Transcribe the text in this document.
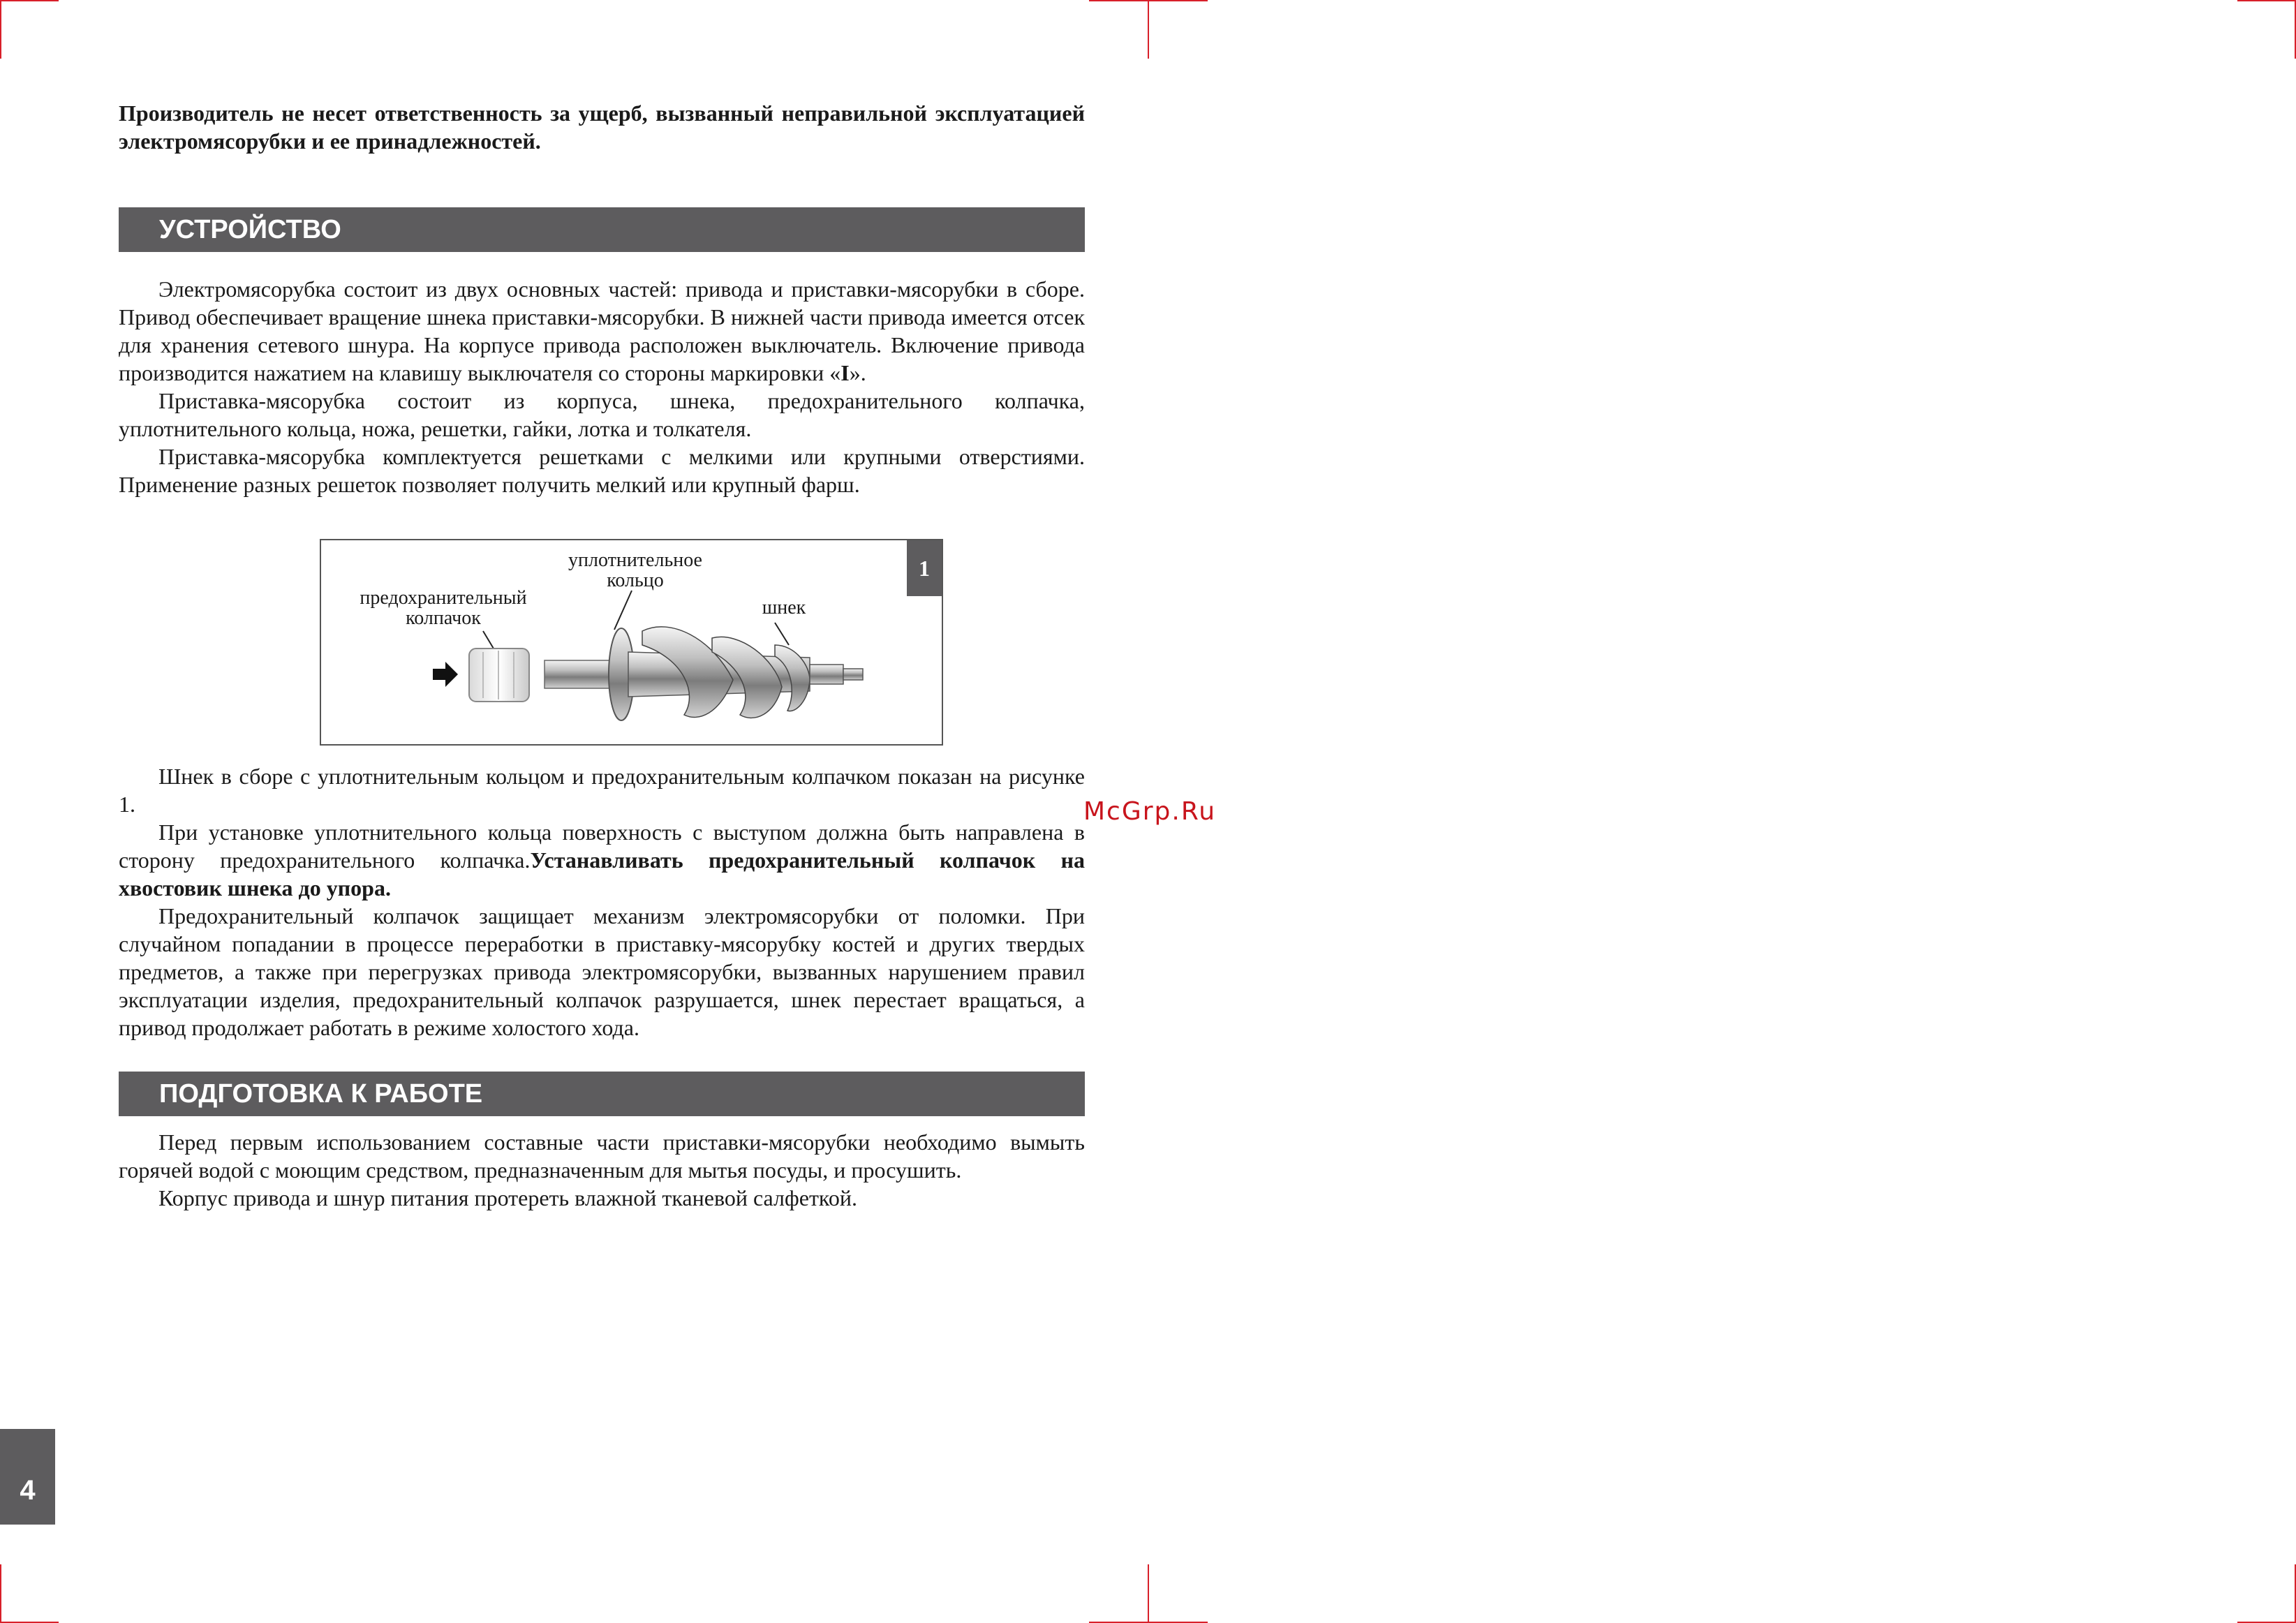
Производитель не несет ответственность за ущерб, вызванный неправильной эксплуатацией электромясорубки и ее принадлежностей.

УСТРОЙСТВО

Электромясорубка состоит из двух основных частей: привода и приставки-мясорубки в сборе. Привод обеспечивает вращение шнека приставки-мясорубки. В нижней части привода имеется отсек для хранения сетевого шнура. На корпусе привода расположен выключатель. Включение привода производится нажатием на клавишу выключателя со стороны маркировки «I».

Приставка-мясорубка состоит из корпуса, шнека, предохранительного колпачка, уплотнительного кольца, ножа, решетки, гайки, лотка и толкателя.

Приставка-мясорубка комплектуется решетками с мелкими или крупными отверстиями. Применение разных решеток позволяет получить мелкий или крупный фарш.

1
предохранительный
колпачок
уплотнительное
кольцо
шнек

Шнек в сборе с уплотнительным кольцом и предохранительным колпачком показан на рисунке 1.

При установке уплотнительного кольца поверхность с выступом должна быть направлена в сторону предохранительного колпачка.Устанавливать предохранительный колпачок на хвостовик шнека до упора.

Предохранительный колпачок защищает механизм электромясорубки от поломки. При случайном попадании в процессе переработки в приставку-мясорубку костей и других твердых предметов, а также при перегрузках привода электромясорубки, вызванных нарушением правил эксплуатации изделия, предохранительный колпачок разрушается, шнек перестает вращаться, а привод продолжает работать в режиме холостого хода.

McGrp.Ru
ПОДГОТОВКА К РАБОТЕ

Перед первым использованием составные части приставки-мясорубки необходимо вымыть горячей водой с моющим средством, предназначенным для мытья посуды, и просушить.

Корпус привода и шнур питания протереть влажной тканевой салфеткой.

4
